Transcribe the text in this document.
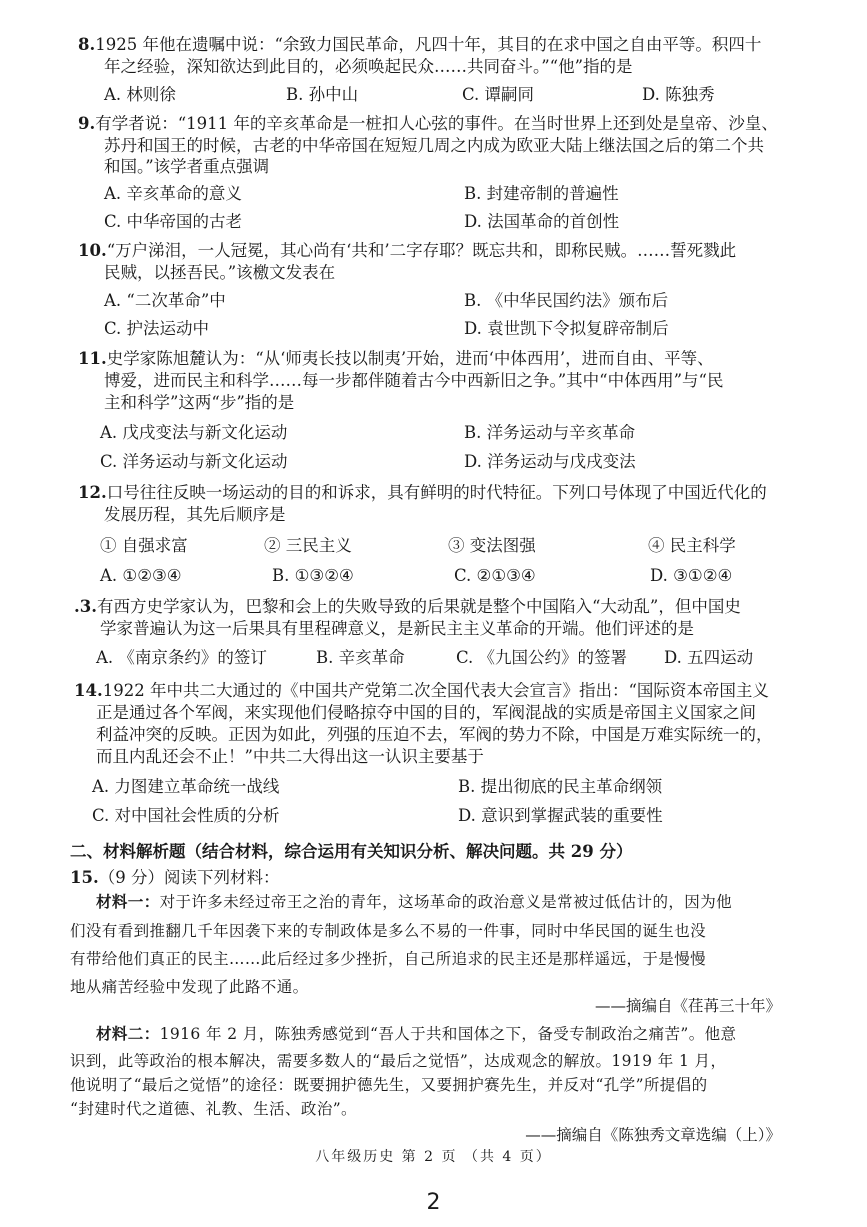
8.1925 年他在遗嘱中说：“余致力国民革命，凡四十年，其目的在求中国之自由平等。积四十
年之经验，深知欲达到此目的，必须唤起民众……共同奋斗。”“他”指的是
A. 林则徐	B. 孙中山	C. 谭嗣同	D. 陈独秀
9.有学者说：“1911 年的辛亥革命是一桩扣人心弦的事件。在当时世界上还到处是皇帝、沙皇、
苏丹和国王的时候，古老的中华帝国在短短几周之内成为欧亚大陆上继法国之后的第二个共
和国。”该学者重点强调
A. 辛亥革命的意义	B. 封建帝制的普遍性
C. 中华帝国的古老	D. 法国革命的首创性
10.“万户涕泪，一人冠冕，其心尚有‘共和’二字存耶？既忘共和，即称民贼。……誓死戮此
民贼，以拯吾民。”该檄文发表在
A. “二次革命”中	B. 《中华民国约法》颁布后
C. 护法运动中	D. 袁世凯下令拟复辟帝制后
11.史学家陈旭麓认为：“从‘师夷长技以制夷’开始，进而‘中体西用’，进而自由、平等、
博爱，进而民主和科学……每一步都伴随着古今中西新旧之争。”其中“中体西用”与“民
主和科学”这两“步”指的是
A. 戊戌变法与新文化运动	B. 洋务运动与辛亥革命
C. 洋务运动与新文化运动	D. 洋务运动与戊戌变法
12.口号往往反映一场运动的目的和诉求，具有鲜明的时代特征。下列口号体现了中国近代化的
发展历程，其先后顺序是
① 自强求富	② 三民主义	③ 变法图强	④ 民主科学
A. ①②③④	B. ①③②④	C. ②①③④	D. ③①②④
.3.有西方史学家认为，巴黎和会上的失败导致的后果就是整个中国陷入“大动乱”，但中国史
学家普遍认为这一后果具有里程碑意义，是新民主主义革命的开端。他们评述的是
A. 《南京条约》的签订	B. 辛亥革命	C. 《九国公约》的签署 D. 五四运动
14.1922 年中共二大通过的《中国共产党第二次全国代表大会宣言》指出：“国际资本帝国主义
正是通过各个军阀，来实现他们侵略掠夺中国的目的，军阀混战的实质是帝国主义国家之间
利益冲突的反映。正因为如此，列强的压迫不去，军阀的势力不除，中国是万难实际统一的，
而且内乱还会不止！”中共二大得出这一认识主要基于
A. 力图建立革命统一战线	B. 提出彻底的民主革命纲领
C. 对中国社会性质的分析	D. 意识到掌握武装的重要性
二、材料解析题（结合材料，综合运用有关知识分析、解决问题。共 29 分）
15.（9 分）阅读下列材料：
材料一：对于许多未经过帝王之治的青年，这场革命的政治意义是常被过低估计的，因为他
们没有看到推翻几千年因袭下来的专制政体是多么不易的一件事，同时中华民国的诞生也没
有带给他们真正的民主……此后经过多少挫折，自己所追求的民主还是那样遥远，于是慢慢
地从痛苦经验中发现了此路不通。
——摘编自《荏苒三十年》
材料二：1916 年 2 月，陈独秀感觉到“吾人于共和国体之下，备受专制政治之痛苦”。他意
识到，此等政治的根本解决，需要多数人的“最后之觉悟”，达成观念的解放。1919 年 1 月，
他说明了“最后之觉悟”的途径：既要拥护德先生，又要拥护赛先生，并反对“孔学”所提倡的
“封建时代之道德、礼教、生活、政治”。
——摘编自《陈独秀文章选编（上）》
八年级历史 第 2 页 （共 4 页）
2
